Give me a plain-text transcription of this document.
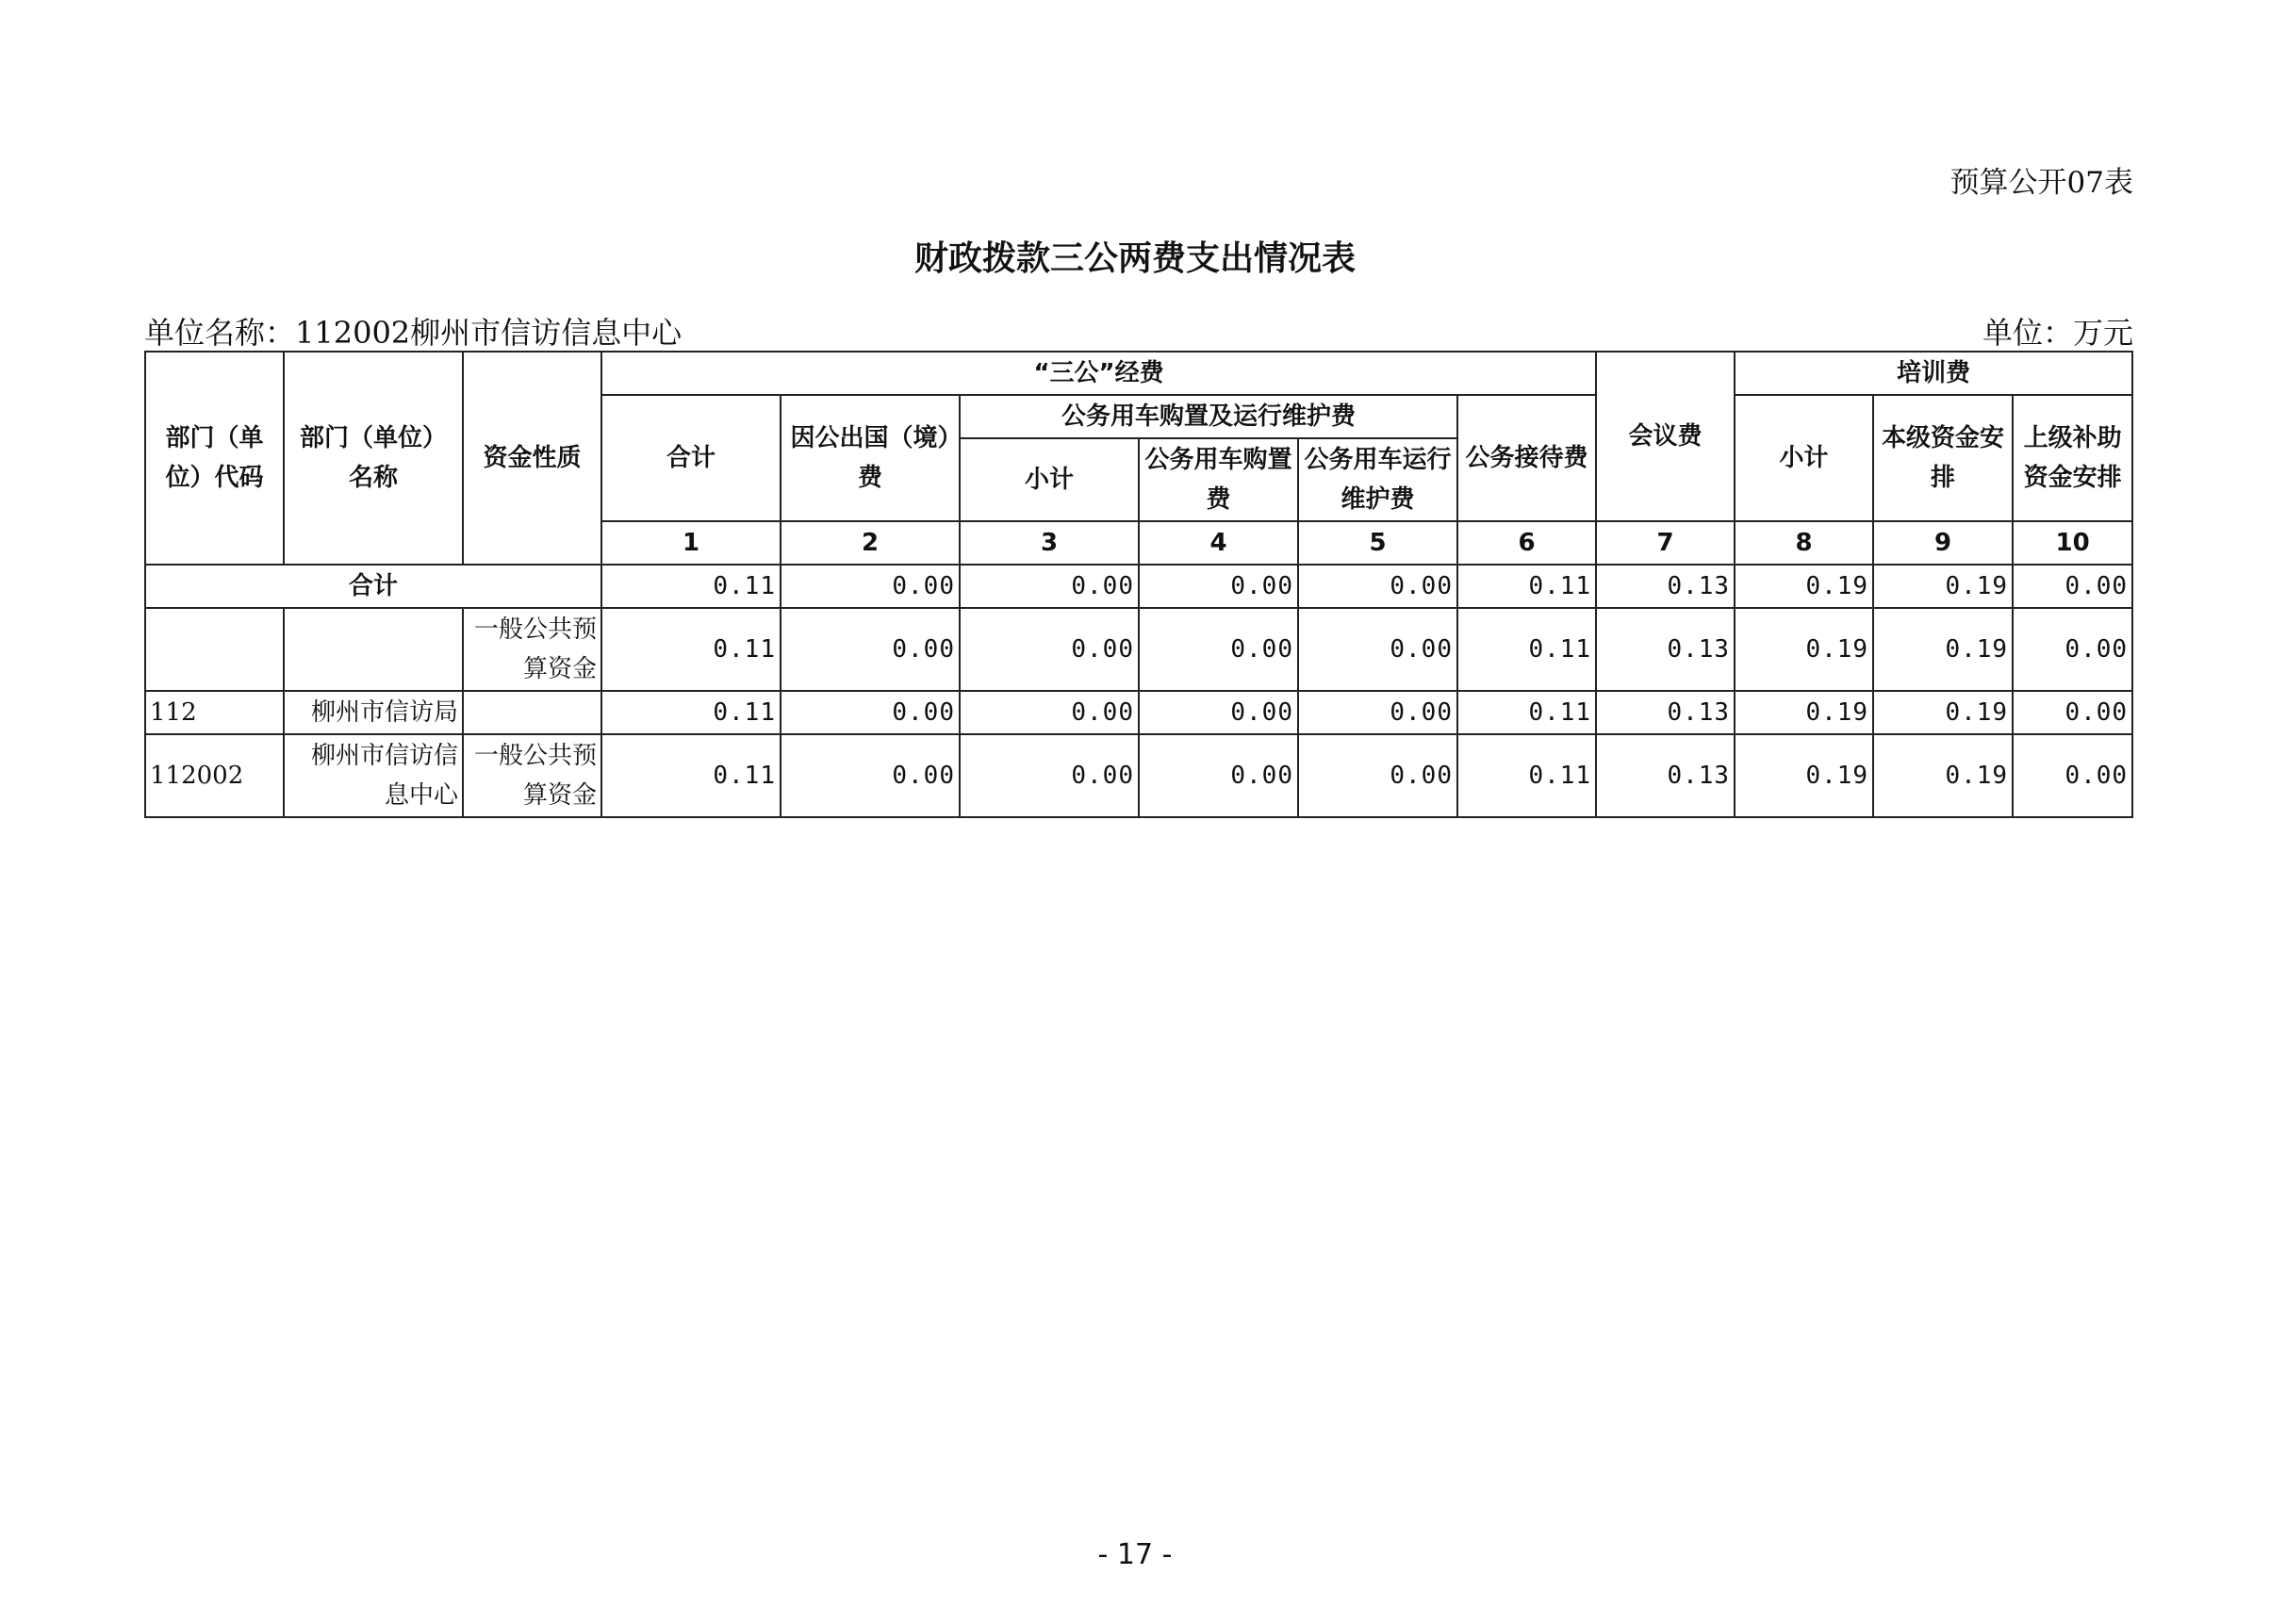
预算公开07表
财政拨款三公两费支出情况表
单位名称：112002柳州市信访信息中心	单位：万元
部门（单位）代码	部门（单位）名称	资金性质	“三公”经费						会议费	培训费		
			合计	因公出国（境）费	公务用车购置及运行维护费			公务接待费		小计	本级资金安排	上级补助资金安排
					小计	公务用车购置费	公务用车运行维护费					
			1	2	3	4	5	6	7	8	9	10
合计			0.11	0.00	0.00	0.00	0.00	0.11	0.13	0.19	0.19	0.00
		一般公共预算资金	0.11	0.00	0.00	0.00	0.00	0.11	0.13	0.19	0.19	0.00
112	柳州市信访局		0.11	0.00	0.00	0.00	0.00	0.11	0.13	0.19	0.19	0.00
112002	柳州市信访信息中心	一般公共预算资金	0.11	0.00	0.00	0.00	0.00	0.11	0.13	0.19	0.19	0.00
- 17 -
